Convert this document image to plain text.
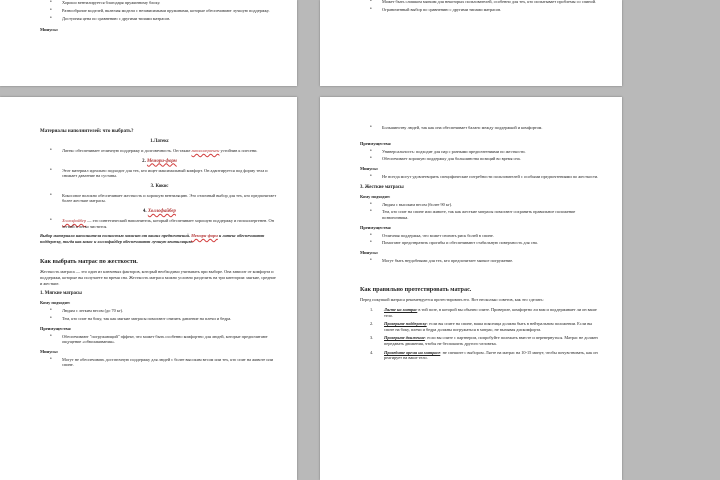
• Хорошо вентилируется благодаря пружинному блоку.

• Разнообразие моделей, включая модели с независимыми пружинами, которые обеспечивают лучшую поддержку.

• Доступная цена по сравнению с другими типами матрасов.

Минусы:

• Может быть слишком мягким для некоторых пользователей, особенно для тех, кто испытывает проблемы со спиной.

• Ограниченный выбор по сравнению с другими типами матрасов.

Материалы наполнителей: что выбрать?

1.Латекс

• Латекс обеспечивает отличную поддержку и долговечность. Он также гипоаллергенен устойчив к плесени.

2. Мемори-форм

• Этот материал идеально подходит для тех, кто ищет максимальный комфорт. Он адаптируется под форму тела и снижает давление на суставы.

3. Кокос

• Кокосовое волокно обеспечивает жесткость и хорошую вентиляцию. Это отличный выбор для тех, кто предпочитает более жесткие матрасы.

4. Холлофайбер

• Холлофайбер — это синтетический наполнитель, который обеспечивает хорошую поддержку и гипоаллергенен. Он легкий и легко чистится.

Выбор материала наполнителя полностью зависит от ваших предпочтений. Мемори-форм и латекс обеспечивают поддержку, тогда как кокос и холлофайбер обеспечивают лучшую вентиляцию.

Как выбрать матрас по жесткости.

Жесткость матраса — это один из ключевых факторов, который необходимо учитывать при выборе. Она зависит от комфорта и поддержки, которые вы получаете во время сна. Жесткость матраса можно условно разделить на три категории: мягкие, средние и жесткие.

1. Мягкие матрасы

Кому подходят:

• Людям с легким весом (до 70 кг).

• Тем, кто спит на боку, так как мягкие матрасы помогают снизить давление на плечи и бедра.

Преимущества:

• Обеспечивают "погружающий" эффект, что может быть особенно комфортно для людей, которые предпочитают ощущение «обволакивания».

Минусы:

• Могут не обеспечивать достаточную поддержку для людей с более высоким весом или тех, кто спит на животе или спине.

• Большинству людей, так как она обеспечивает баланс между поддержкой и комфортом.

Преимущества:

• Универсальность: подходит для пар с разными предпочтениями по жесткости.

• Обеспечивает хорошую поддержку для большинства позиций во время сна.

Минусы:

• Не всегда могут удовлетворить специфические потребности пользователей с особыми предпочтениями по жесткости.

3. Жесткие матрасы

Кому подходят:

• Людям с высоким весом (более 90 кг).

• Тем, кто спит на спине или животе, так как жесткие матрасы помогают сохранить правильное положение позвоночника.

Преимущества:

• Отличная поддержка, что может снизить риск болей в спине.

• Помогают предотвратить прогибы и обеспечивают стабильную поверхность для сна.

Минусы:

• Могут быть неудобными для тех, кто предпочитает мягкое погружение.

Как правильно протестировать матрас.

Перед покупкой матраса рекомендуется протестировать его. Вот несколько советов, как это сделать:

1.	Лягте на матрас в той позе, в которой вы обычно спите. Проверьте, комфортно ли вам и поддерживает ли он ваше тело.

2.	Проверьте поддержку: если вы спите на спине, ваша поясница должна быть в нейтральном положении. Если вы спите на боку, плечи и бедра должны погружаться в матрас, не вызывая дискомфорта.

3.	Проверьте движение: если вы спите с партнером, попробуйте полежать вместе и перевернуться. Матрас не должен передавать движения, чтобы не беспокоить другого человека.

4.	Проведите время на матрасе: не спешите с выбором. Лягте на матрас на 10-15 минут, чтобы почувствовать, как он реагирует на ваше тело.
